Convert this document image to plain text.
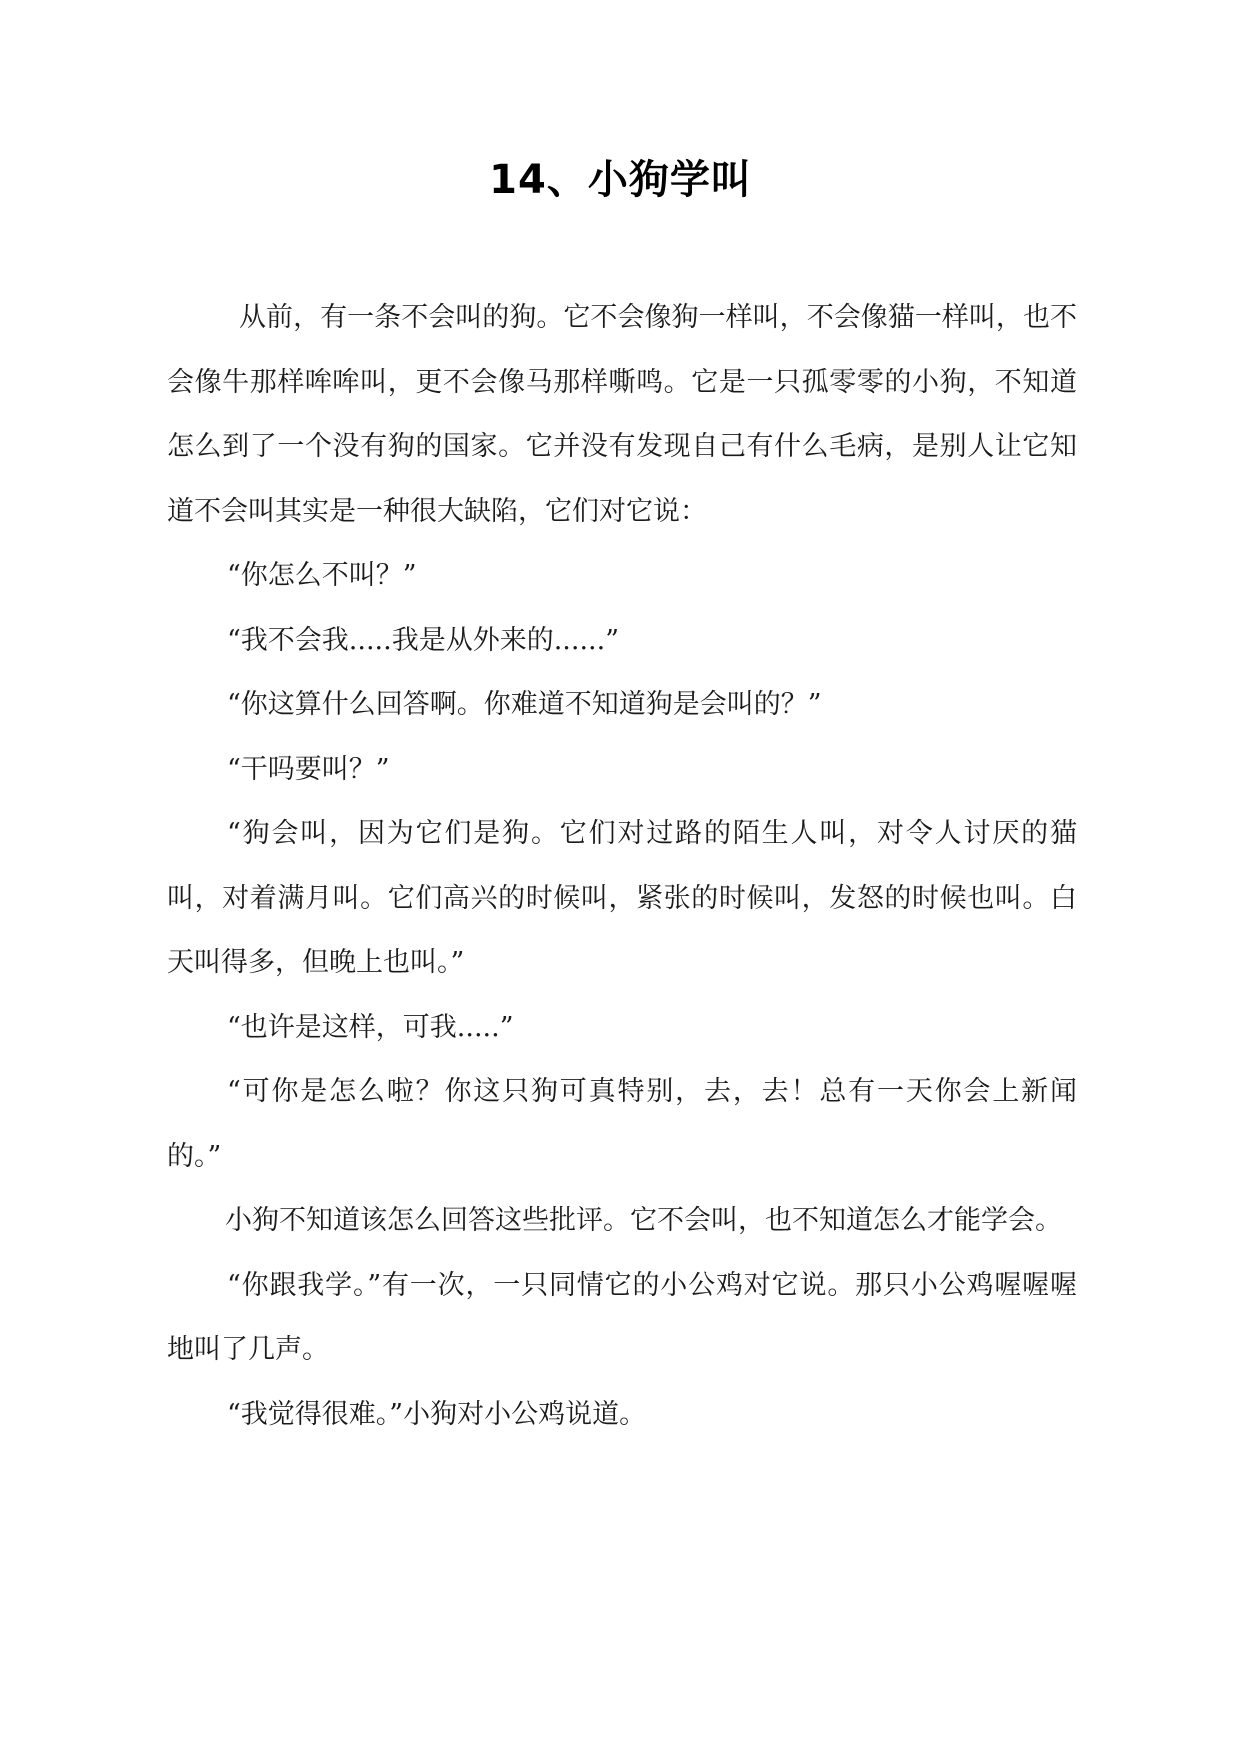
14、小狗学叫

从前，有一条不会叫的狗。它不会像狗一样叫，不会像猫一样叫，也不会像牛那样哞哞叫，更不会像马那样嘶鸣。它是一只孤零零的小狗，不知道怎么到了一个没有狗的国家。它并没有发现自己有什么毛病，是别人让它知道不会叫其实是一种很大缺陷，它们对它说：

“你怎么不叫？”

“我不会我.....我是从外来的......”

“你这算什么回答啊。你难道不知道狗是会叫的？”

“干吗要叫？”

“狗会叫，因为它们是狗。它们对过路的陌生人叫，对令人讨厌的猫叫，对着满月叫。它们高兴的时候叫，紧张的时候叫，发怒的时候也叫。白天叫得多，但晚上也叫。”

“也许是这样，可我.....”

“可你是怎么啦？你这只狗可真特别，去，去！总有一天你会上新闻的。”

小狗不知道该怎么回答这些批评。它不会叫，也不知道怎么才能学会。

“你跟我学。”有一次，一只同情它的小公鸡对它说。那只小公鸡喔喔喔地叫了几声。

“我觉得很难。”小狗对小公鸡说道。
